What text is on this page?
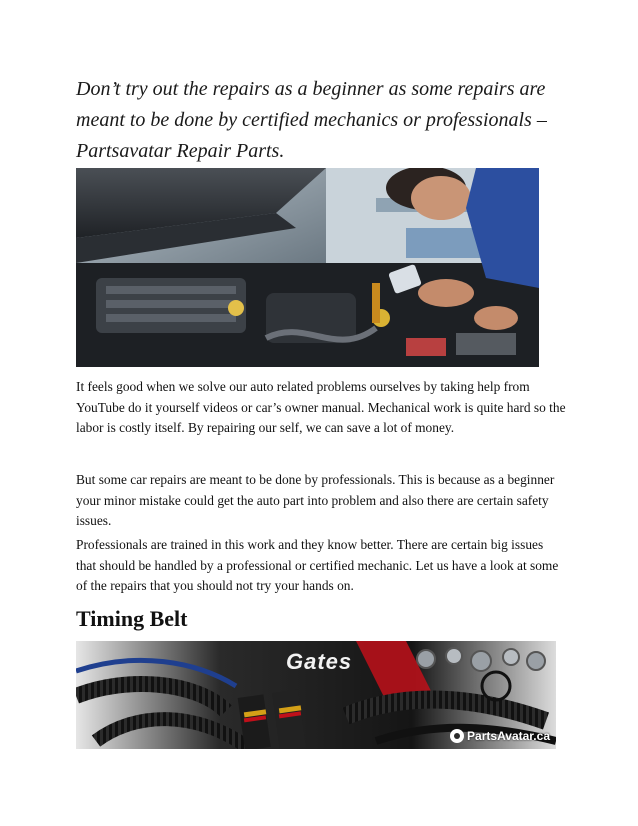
Don’t try out the repairs as a beginner as some repairs are meant to be done by certified mechanics or professionals – Partsavatar Repair Parts.

It feels good when we solve our auto related problems ourselves by taking help from YouTube do it yourself videos or car’s owner manual. Mechanical work is quite hard so the labor is costly itself. By repairing our self, we can save a lot of money.

But some car repairs are meant to be done by professionals. This is because as a beginner your minor mistake could get the auto part into problem and also there are certain safety issues.

Professionals are trained in this work and they know better. There are certain big issues that should be handled by a professional or certified mechanic. Let us have a look at some of the repairs that you should not try your hands on.

Timing Belt
Gates
PartsAvatar.ca
